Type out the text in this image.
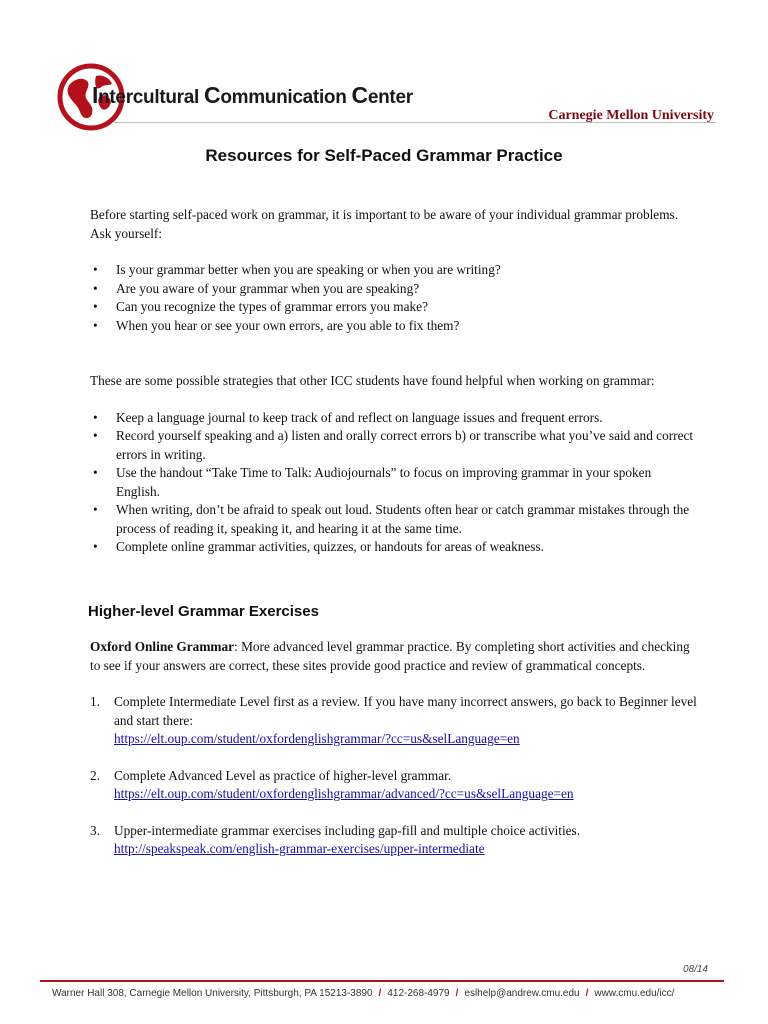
Intercultural Communication Center
Carnegie Mellon University
Resources for Self-Paced Grammar Practice

Before starting self-paced work on grammar, it is important to be aware of your individual grammar problems. Ask yourself:

• Is your grammar better when you are speaking or when you are writing?
• Are you aware of your grammar when you are speaking?
• Can you recognize the types of grammar errors you make?
• When you hear or see your own errors, are you able to fix them?

These are some possible strategies that other ICC students have found helpful when working on grammar:

• Keep a language journal to keep track of and reflect on language issues and frequent errors.
• Record yourself speaking and a) listen and orally correct errors b) or transcribe what you’ve said and correct errors in writing.
• Use the handout “Take Time to Talk: Audiojournals” to focus on improving grammar in your spoken English.
• When writing, don’t be afraid to speak out loud. Students often hear or catch grammar mistakes through the process of reading it, speaking it, and hearing it at the same time.
• Complete online grammar activities, quizzes, or handouts for areas of weakness.
Higher-level Grammar Exercises

Oxford Online Grammar: More advanced level grammar practice. By completing short activities and checking to see if your answers are correct, these sites provide good practice and review of grammatical concepts.

1. Complete Intermediate Level first as a review. If you have many incorrect answers, go back to Beginner level and start there:
https://elt.oup.com/student/oxfordenglishgrammar/?cc=us&selLanguage=en
2. Complete Advanced Level as practice of higher-level grammar.
https://elt.oup.com/student/oxfordenglishgrammar/advanced/?cc=us&selLanguage=en
3. Upper-intermediate grammar exercises including gap-fill and multiple choice activities.
http://speakspeak.com/english-grammar-exercises/upper-intermediate
08/14
Warner Hall 308, Carnegie Mellon University, Pittsburgh, PA 15213-3890 / 412-268-4979 / eslhelp@andrew.cmu.edu / www.cmu.edu/icc/
